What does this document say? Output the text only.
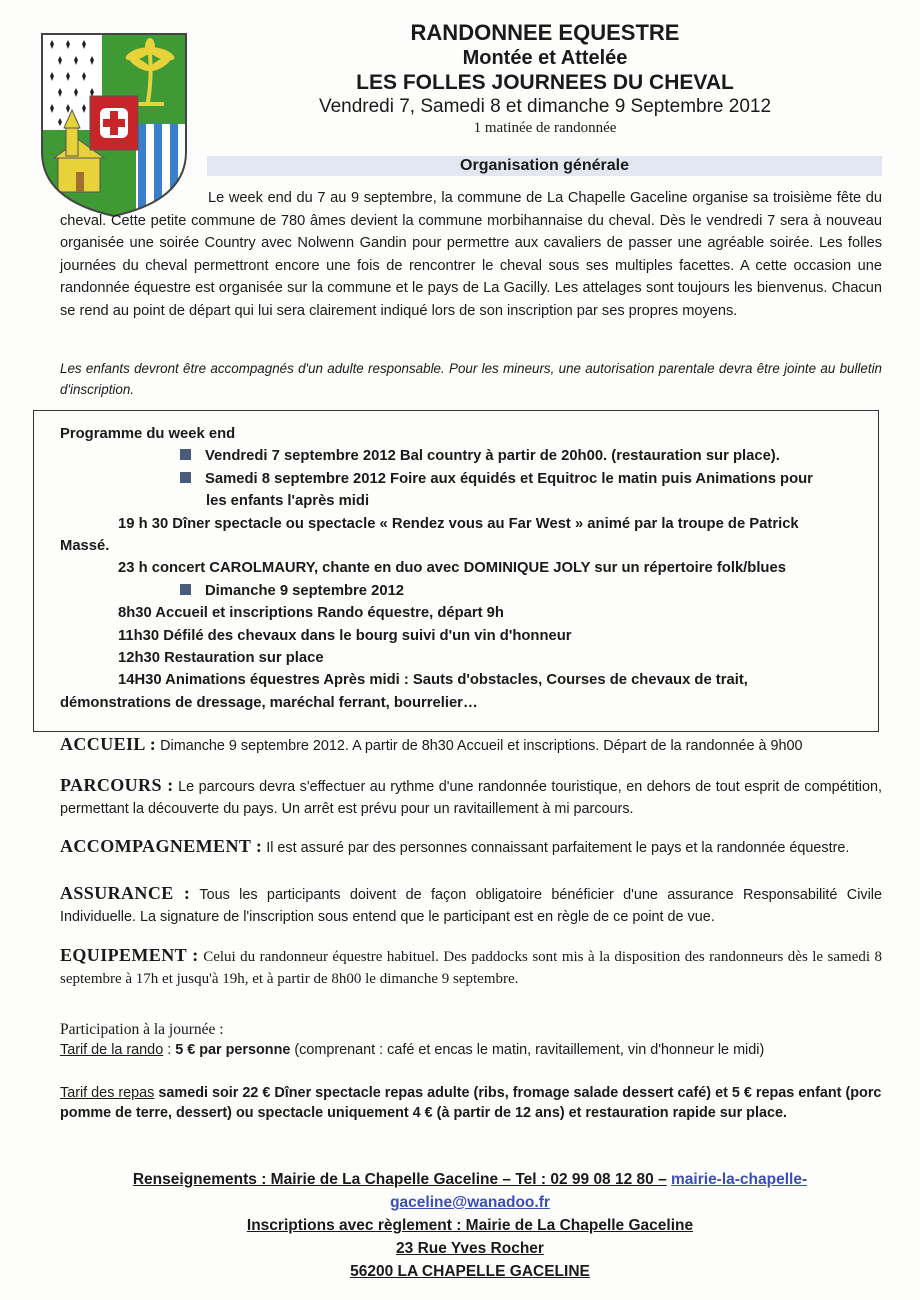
RANDONNEE EQUESTRE
Montée et Attelée
LES FOLLES JOURNEES DU CHEVAL
Vendredi 7, Samedi 8 et dimanche 9 Septembre 2012
1 matinée de randonnée
Organisation générale
Le week end du 7 au 9 septembre, la commune de La Chapelle Gaceline organise sa troisième fête du cheval. Cette petite commune de 780 âmes devient la commune morbihannaise du cheval. Dès le vendredi 7 sera à nouveau organisée une soirée Country avec Nolwenn Gandin pour permettre aux cavaliers de passer une agréable soirée. Les folles journées du cheval permettront encore une fois de rencontrer le cheval sous ses multiples facettes. A cette occasion une randonnée équestre est organisée sur la commune et le pays de La Gacilly. Les attelages sont toujours les bienvenus. Chacun se rend au point de départ qui lui sera clairement indiqué lors de son inscription par ses propres moyens.
Les enfants devront être accompagnés d'un adulte responsable. Pour les mineurs, une autorisation parentale devra être jointe au bulletin d'inscription.
Programme du week end
Vendredi 7 septembre 2012 Bal country à partir de 20h00. (restauration sur place).
Samedi 8 septembre 2012 Foire aux équidés et Equitroc le matin puis Animations pour
les enfants l'après midi
19 h 30 Dîner spectacle ou spectacle « Rendez vous au Far West » animé par la troupe de Patrick
Massé.
23 h concert CAROLMAURY, chante en duo avec DOMINIQUE JOLY sur un répertoire folk/blues
Dimanche 9 septembre 2012
8h30 Accueil et inscriptions Rando équestre, départ 9h
11h30 Défilé des chevaux dans le bourg suivi d'un vin d'honneur
12h30 Restauration sur place
14H30 Animations équestres Après midi : Sauts d'obstacles, Courses de chevaux de trait,
démonstrations de dressage, maréchal ferrant, bourrelier…
ACCUEIL : Dimanche 9 septembre 2012. A partir de 8h30 Accueil et inscriptions. Départ de la randonnée à 9h00
PARCOURS : Le parcours devra s'effectuer au rythme d'une randonnée touristique, en dehors de tout esprit de compétition, permettant la découverte du pays. Un arrêt est prévu pour un ravitaillement à mi parcours.
ACCOMPAGNEMENT : Il est assuré par des personnes connaissant parfaitement le pays et la randonnée équestre.
ASSURANCE : Tous les participants doivent de façon obligatoire bénéficier d'une assurance Responsabilité Civile Individuelle. La signature de l'inscription sous entend que le participant est en règle de ce point de vue.
EQUIPEMENT : Celui du randonneur équestre habituel. Des paddocks sont mis à la disposition des randonneurs dès le samedi 8 septembre à 17h et jusqu'à 19h, et à partir de 8h00 le dimanche 9 septembre.
Participation à la journée :
Tarif de la rando : 5 € par personne (comprenant : café et encas le matin, ravitaillement, vin d'honneur le midi)
Tarif des repas samedi soir 22 € Dîner spectacle repas adulte (ribs, fromage salade dessert café) et 5 € repas enfant (porc pomme de terre, dessert) ou spectacle uniquement 4 € (à partir de 12 ans) et restauration rapide sur place.
Renseignements : Mairie de La Chapelle Gaceline – Tel : 02 99 08 12 80 – mairie-la-chapelle-
gaceline@wanadoo.fr
Inscriptions avec règlement : Mairie de La Chapelle Gaceline
23 Rue Yves Rocher
56200 LA CHAPELLE GACELINE
